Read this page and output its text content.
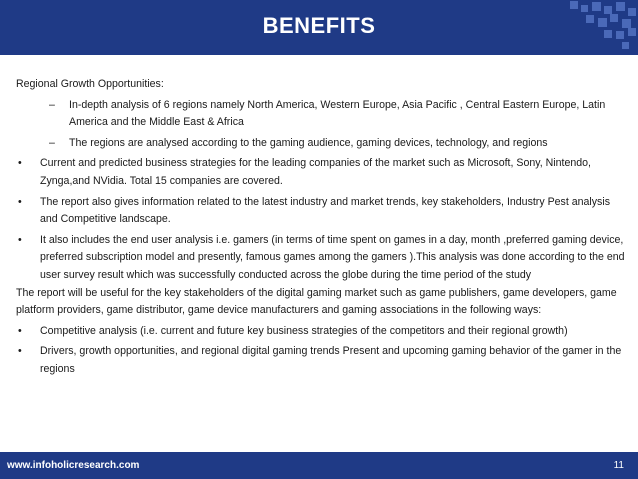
BENEFITS

Regional Growth Opportunities:

– In-depth analysis of 6 regions namely North America, Western Europe, Asia Pacific , Central Eastern Europe, Latin America and the Middle East & Africa
– The regions are analysed according to the gaming audience, gaming devices, technology, and regions
• Current and predicted business strategies for the leading companies of the market such as Microsoft, Sony, Nintendo, Zynga,and NVidia. Total 15 companies are covered.
• The report also gives information related to the latest industry and market trends, key stakeholders, Industry Pest analysis and Competitive landscape.
• It also includes the end user analysis i.e. gamers (in terms of time spent on games in a day, month ,preferred gaming device, preferred subscription model and presently, famous games among the gamers ).This analysis was done according to the end user survey result which was successfully conducted across the globe during the time period of the study

The report will be useful for the key stakeholders of the digital gaming market such as game publishers, game developers, game platform providers, game distributor, game device manufacturers and gaming associations in the following ways:

• Competitive analysis (i.e. current and future key business strategies of the competitors and their regional growth)
• Drivers, growth opportunities, and regional digital gaming trends Present and upcoming gaming behavior of the gamer in the regions
www.infoholicresearch.com	11
